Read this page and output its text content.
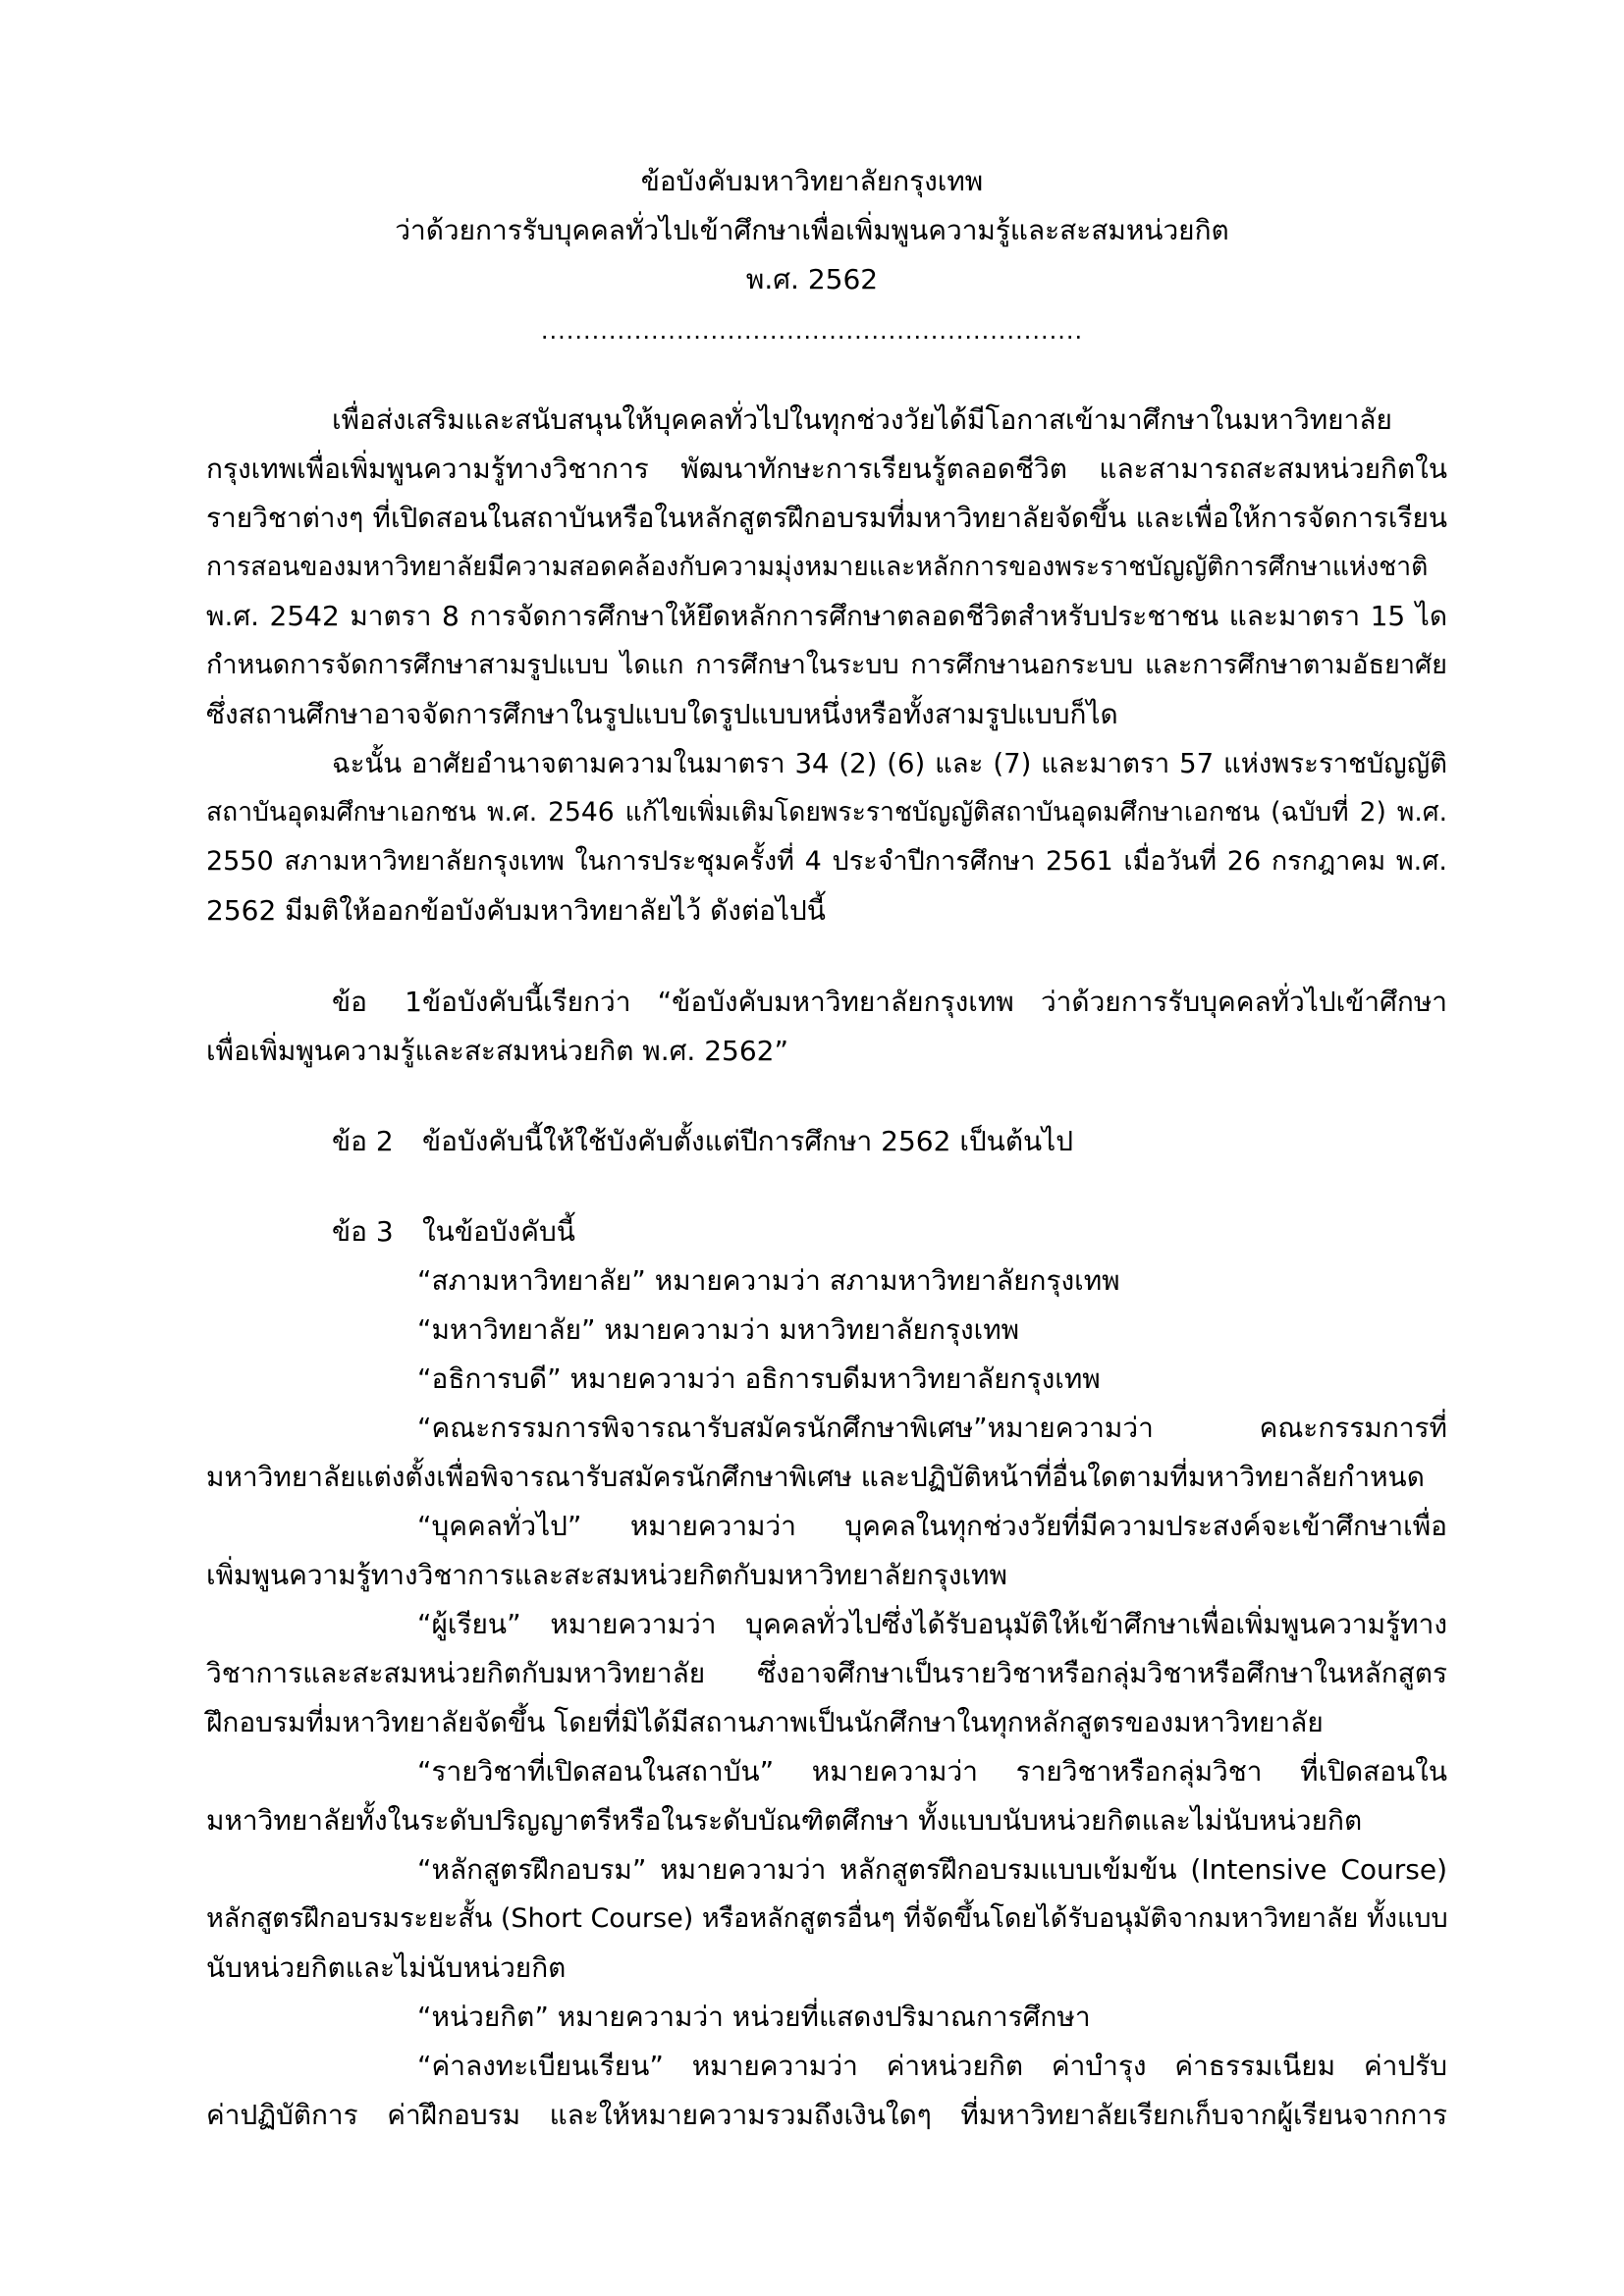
ข้อบังคับมหาวิทยาลัยกรุงเทพ
ว่าด้วยการรับบุคคลทั่วไปเข้าศึกษาเพื่อเพิ่มพูนความรู้และสะสมหน่วยกิต
พ.ศ. 2562
................................................................
เพื่อส่งเสริมและสนับสนุนให้บุคคลทั่วไปในทุกช่วงวัยได้มีโอกาสเข้ามาศึกษาในมหาวิทยาลัย
กรุงเทพเพื่อเพิ่มพูนความรู้ทางวิชาการ พัฒนาทักษะการเรียนรู้ตลอดชีวิต และสามารถสะสมหน่วยกิตใน
รายวิชาต่างๆ ที่เปิดสอนในสถาบันหรือในหลักสูตรฝึกอบรมที่มหาวิทยาลัยจัดขึ้น และเพื่อให้การจัดการเรียน
การสอนของมหาวิทยาลัยมีความสอดคล้องกับความมุ่งหมายและหลักการของพระราชบัญญัติการศึกษาแห่งชาติ
พ.ศ. 2542 มาตรา 8 การจัดการศึกษาให้ยึดหลักการศึกษาตลอดชีวิตสำหรับประชาชน และมาตรา 15 ได
กำหนดการจัดการศึกษาสามรูปแบบ ไดแก การศึกษาในระบบ การศึกษานอกระบบ และการศึกษาตามอัธยาศัย
ซึ่งสถานศึกษาอาจจัดการศึกษาในรูปแบบใดรูปแบบหนึ่งหรือทั้งสามรูปแบบก็ได
ฉะนั้น อาศัยอำนาจตามความในมาตรา 34 (2) (6) และ (7) และมาตรา 57 แห่งพระราชบัญญัติ
สถาบันอุดมศึกษาเอกชน พ.ศ. 2546 แก้ไขเพิ่มเติมโดยพระราชบัญญัติสถาบันอุดมศึกษาเอกชน (ฉบับที่ 2) พ.ศ.
2550 สภามหาวิทยาลัยกรุงเทพ ในการประชุมครั้งที่ 4 ประจำปีการศึกษา 2561 เมื่อวันที่ 26 กรกฎาคม พ.ศ.
2562 มีมติให้ออกข้อบังคับมหาวิทยาลัยไว้ ดังต่อไปนี้
ข้อ 1ข้อบังคับนี้เรียกว่า “ข้อบังคับมหาวิทยาลัยกรุงเทพ ว่าด้วยการรับบุคคลทั่วไปเข้าศึกษา
เพื่อเพิ่มพูนความรู้และสะสมหน่วยกิต พ.ศ. 2562”
ข้อ 2 ข้อบังคับนี้ให้ใช้บังคับตั้งแต่ปีการศึกษา 2562 เป็นต้นไป
ข้อ 3 ในข้อบังคับนี้
“สภามหาวิทยาลัย” หมายความว่า สภามหาวิทยาลัยกรุงเทพ
“มหาวิทยาลัย” หมายความว่า มหาวิทยาลัยกรุงเทพ
“อธิการบดี” หมายความว่า อธิการบดีมหาวิทยาลัยกรุงเทพ
“คณะกรรมการพิจารณารับสมัครนักศึกษาพิเศษ”หมายความว่า คณะกรรมการที่
มหาวิทยาลัยแต่งตั้งเพื่อพิจารณารับสมัครนักศึกษาพิเศษ และปฏิบัติหน้าที่อื่นใดตามที่มหาวิทยาลัยกำหนด
“บุคคลทั่วไป” หมายความว่า บุคคลในทุกช่วงวัยที่มีความประสงค์จะเข้าศึกษาเพื่อ
เพิ่มพูนความรู้ทางวิชาการและสะสมหน่วยกิตกับมหาวิทยาลัยกรุงเทพ
“ผู้เรียน” หมายความว่า บุคคลทั่วไปซึ่งได้รับอนุมัติให้เข้าศึกษาเพื่อเพิ่มพูนความรู้ทาง
วิชาการและสะสมหน่วยกิตกับมหาวิทยาลัย ซึ่งอาจศึกษาเป็นรายวิชาหรือกลุ่มวิชาหรือศึกษาในหลักสูตร
ฝึกอบรมที่มหาวิทยาลัยจัดขึ้น โดยที่มิได้มีสถานภาพเป็นนักศึกษาในทุกหลักสูตรของมหาวิทยาลัย
“รายวิชาที่เปิดสอนในสถาบัน” หมายความว่า รายวิชาหรือกลุ่มวิชา ที่เปิดสอนใน
มหาวิทยาลัยทั้งในระดับปริญญาตรีหรือในระดับบัณฑิตศึกษา ทั้งแบบนับหน่วยกิตและไม่นับหน่วยกิต
“หลักสูตรฝึกอบรม” หมายความว่า หลักสูตรฝึกอบรมแบบเข้มข้น (Intensive Course)
หลักสูตรฝึกอบรมระยะสั้น (Short Course) หรือหลักสูตรอื่นๆ ที่จัดขึ้นโดยได้รับอนุมัติจากมหาวิทยาลัย ทั้งแบบ
นับหน่วยกิตและไม่นับหน่วยกิต
“หน่วยกิต” หมายความว่า หน่วยที่แสดงปริมาณการศึกษา
“ค่าลงทะเบียนเรียน” หมายความว่า ค่าหน่วยกิต ค่าบำรุง ค่าธรรมเนียม ค่าปรับ
ค่าปฏิบัติการ ค่าฝึกอบรม และให้หมายความรวมถึงเงินใดๆ ที่มหาวิทยาลัยเรียกเก็บจากผู้เรียนจากการ
